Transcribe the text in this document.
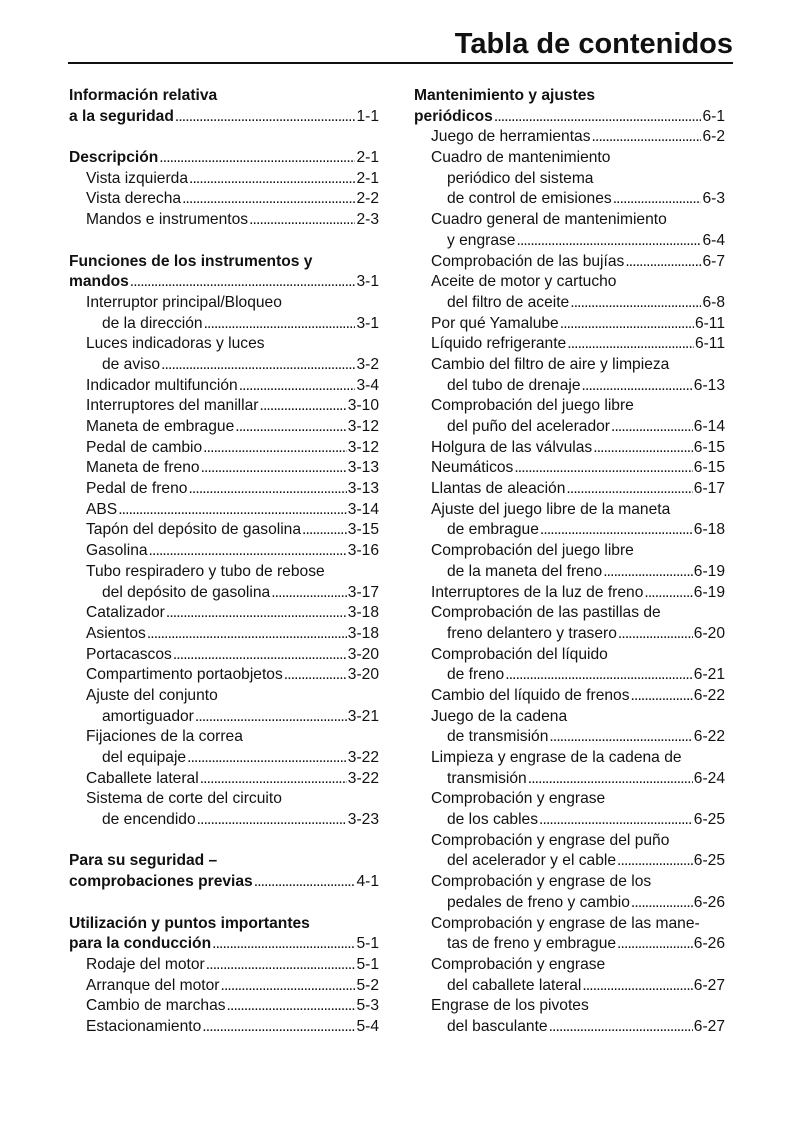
Tabla de contenidos
Información relativa
a la seguridad . . .	1-1
Descripción . . .	2-1
Vista izquierda . . .	2-1
Vista derecha . . .	2-2
Mandos e instrumentos . . .	2-3
Funciones de los instrumentos y
mandos . . .	3-1
Interruptor principal/Bloqueo
de la dirección . . .	3-1
Luces indicadoras y luces
de aviso . . .	3-2
Indicador multifunción . . .	3-4
Interruptores del manillar . . .	3-10
Maneta de embrague . . .	3-12
Pedal de cambio . . .	3-12
Maneta de freno . . .	3-13
Pedal de freno . . .	3-13
ABS . . .	3-14
Tapón del depósito de gasolina . . .	3-15
Gasolina . . .	3-16
Tubo respiradero y tubo de rebose
del depósito de gasolina . . .	3-17
Catalizador . . .	3-18
Asientos . . .	3-18
Portacascos . . .	3-20
Compartimento portaobjetos . . .	3-20
Ajuste del conjunto
amortiguador . . .	3-21
Fijaciones de la correa
del equipaje . . .	3-22
Caballete lateral . . .	3-22
Sistema de corte del circuito
de encendido . . .	3-23
Para su seguridad –
comprobaciones previas . . .	4-1
Utilización y puntos importantes
para la conducción . . .	5-1
Rodaje del motor . . .	5-1
Arranque del motor . . .	5-2
Cambio de marchas . . .	5-3
Estacionamiento . . .	5-4
Mantenimiento y ajustes
periódicos . . .	6-1
Juego de herramientas . . .	6-2
Cuadro de mantenimiento
periódico del sistema
de control de emisiones . . .	6-3
Cuadro general de mantenimiento
y engrase . . .	6-4
Comprobación de las bujías . . .	6-7
Aceite de motor y cartucho
del filtro de aceite . . .	6-8
Por qué Yamalube . . .	6-11
Líquido refrigerante . . .	6-11
Cambio del filtro de aire y limpieza
del tubo de drenaje . . .	6-13
Comprobación del juego libre
del puño del acelerador . . .	6-14
Holgura de las válvulas . . .	6-15
Neumáticos . . .	6-15
Llantas de aleación . . .	6-17
Ajuste del juego libre de la maneta
de embrague . . .	6-18
Comprobación del juego libre
de la maneta del freno . . .	6-19
Interruptores de la luz de freno . . .	6-19
Comprobación de las pastillas de
freno delantero y trasero . . .	6-20
Comprobación del líquido
de freno . . .	6-21
Cambio del líquido de frenos . . .	6-22
Juego de la cadena
de transmisión . . .	6-22
Limpieza y engrase de la cadena de
transmisión . . .	6-24
Comprobación y engrase
de los cables . . .	6-25
Comprobación y engrase del puño
del acelerador y el cable . . .	6-25
Comprobación y engrase de los
pedales de freno y cambio . . .	6-26
Comprobación y engrase de las mane-
tas de freno y embrague . . .	6-26
Comprobación y engrase
del caballete lateral . . .	6-27
Engrase de los pivotes
del basculante . . .	6-27
